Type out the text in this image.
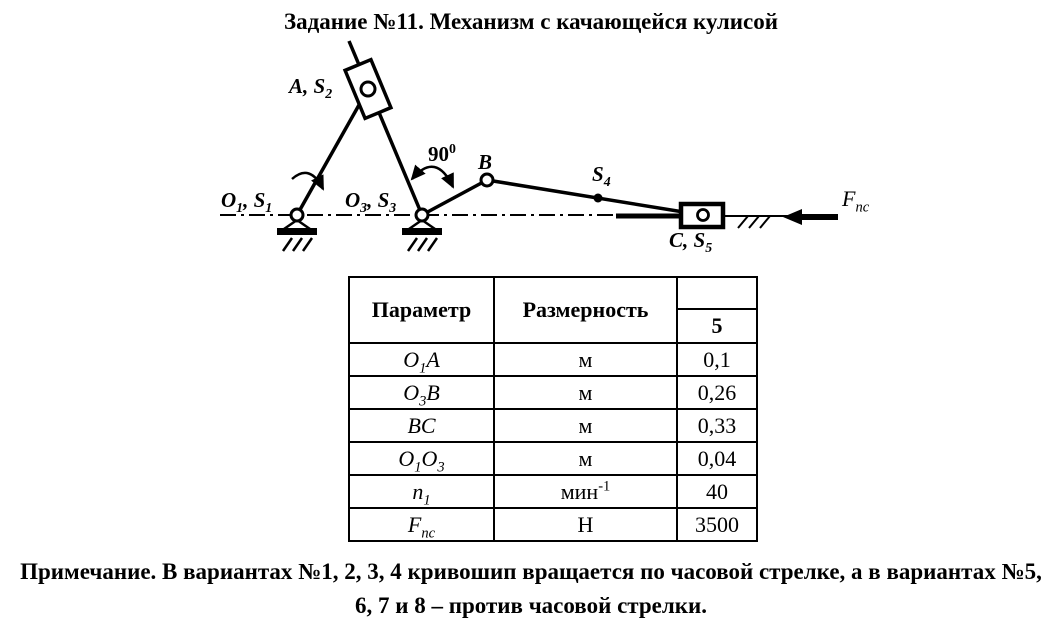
Задание №11. Механизм с качающейся кулисой
A, $S_2$
$O_1$, $S_1$	$O_3$, $S_3$
$90^0$
B	$S_4$
C, $S_5$
$F_{пс}$
Параметр	Размерность	
		5
$O_1A$	м	0,1
$O_3B$	м	0,26
BC	м	0,33
$O_1O_3$	м	0,04
$n_1$	мин$^{-1}$	40
$F_{пс}$	Н	3500
Примечание. В вариантах №1, 2, 3, 4 кривошип вращается по часовой стрелке, а в вариантах №5, 6, 7 и 8 – против часовой стрелки.
